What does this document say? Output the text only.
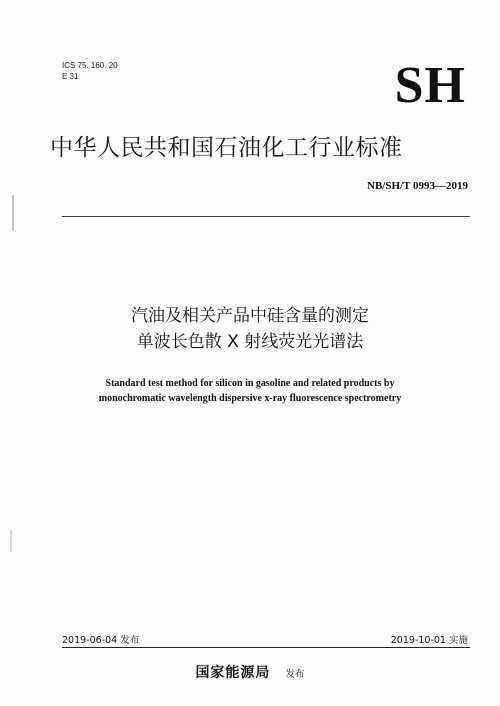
ICS 75. 160. 20
E 31	SH
中华人民共和国石油化工行业标准
NB/SH/T 0993—2019
汽油及相关产品中硅含量的测定
单波长色散 X 射线荧光光谱法
Standard test method for silicon in gasoline and related products by
monochromatic wavelength dispersive x-ray fluorescence spectrometry
2019-06-04 发布	2019-10-01 实施
国家能源局 发布
